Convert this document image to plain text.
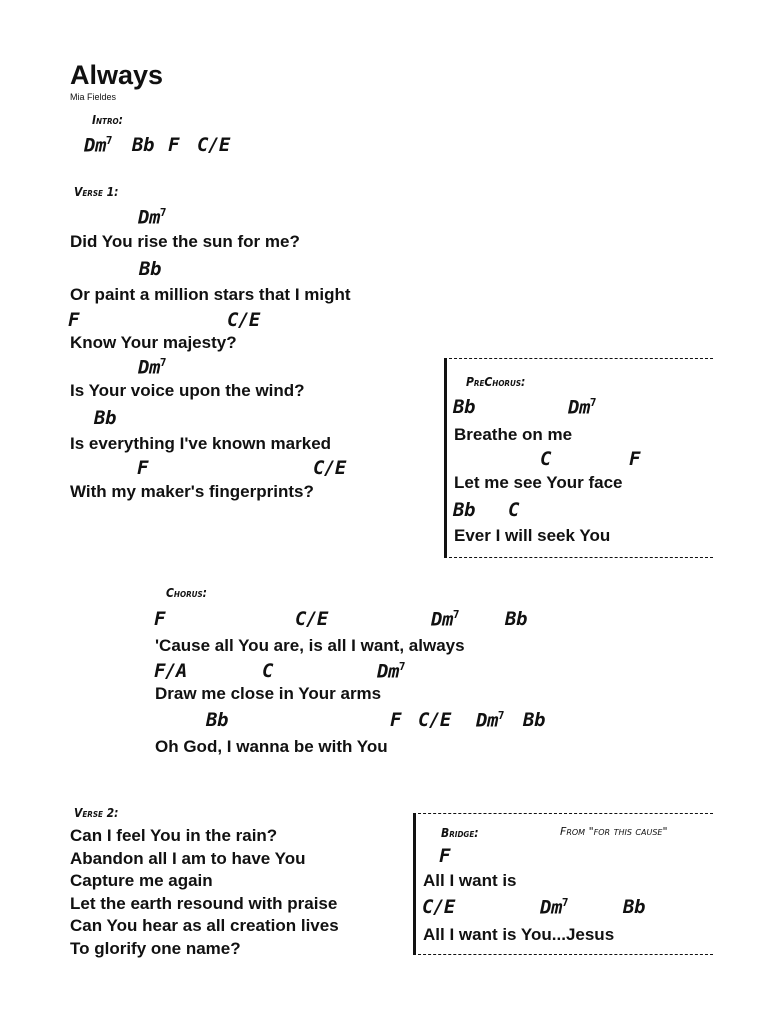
Always
Mia Fieldes
Intro:
Dm$^7$ Bb F C/E
Verse 1:
Dm$^7$
Did You rise the sun for me?
Bb
Or paint a million stars that I might
F	C/E
Know Your majesty?
Dm$^7$
Is Your voice upon the wind?
Bb
Is everything I've known marked
F	C/E
With my maker's fingerprints?
PreChorus:
Bb	Dm$^7$
Breathe on me
C	F
Let me see Your face
Bb C
Ever I will seek You
Chorus:
F	C/E	Dm$^7$ Bb
'Cause all You are, is all I want, always
F/A	C	Dm$^7$
Draw me close in Your arms
Bb	F C/E Dm$^7$ Bb
Oh God, I wanna be with You
Verse 2:
Can I feel You in the rain?
Abandon all I am to have You
Capture me again
Let the earth resound with praise
Can You hear as all creation lives
To glorify one name?
Bridge:	From "for this cause"
F
All I want is
C/E	Dm$^7$	Bb
All I want is You...Jesus
